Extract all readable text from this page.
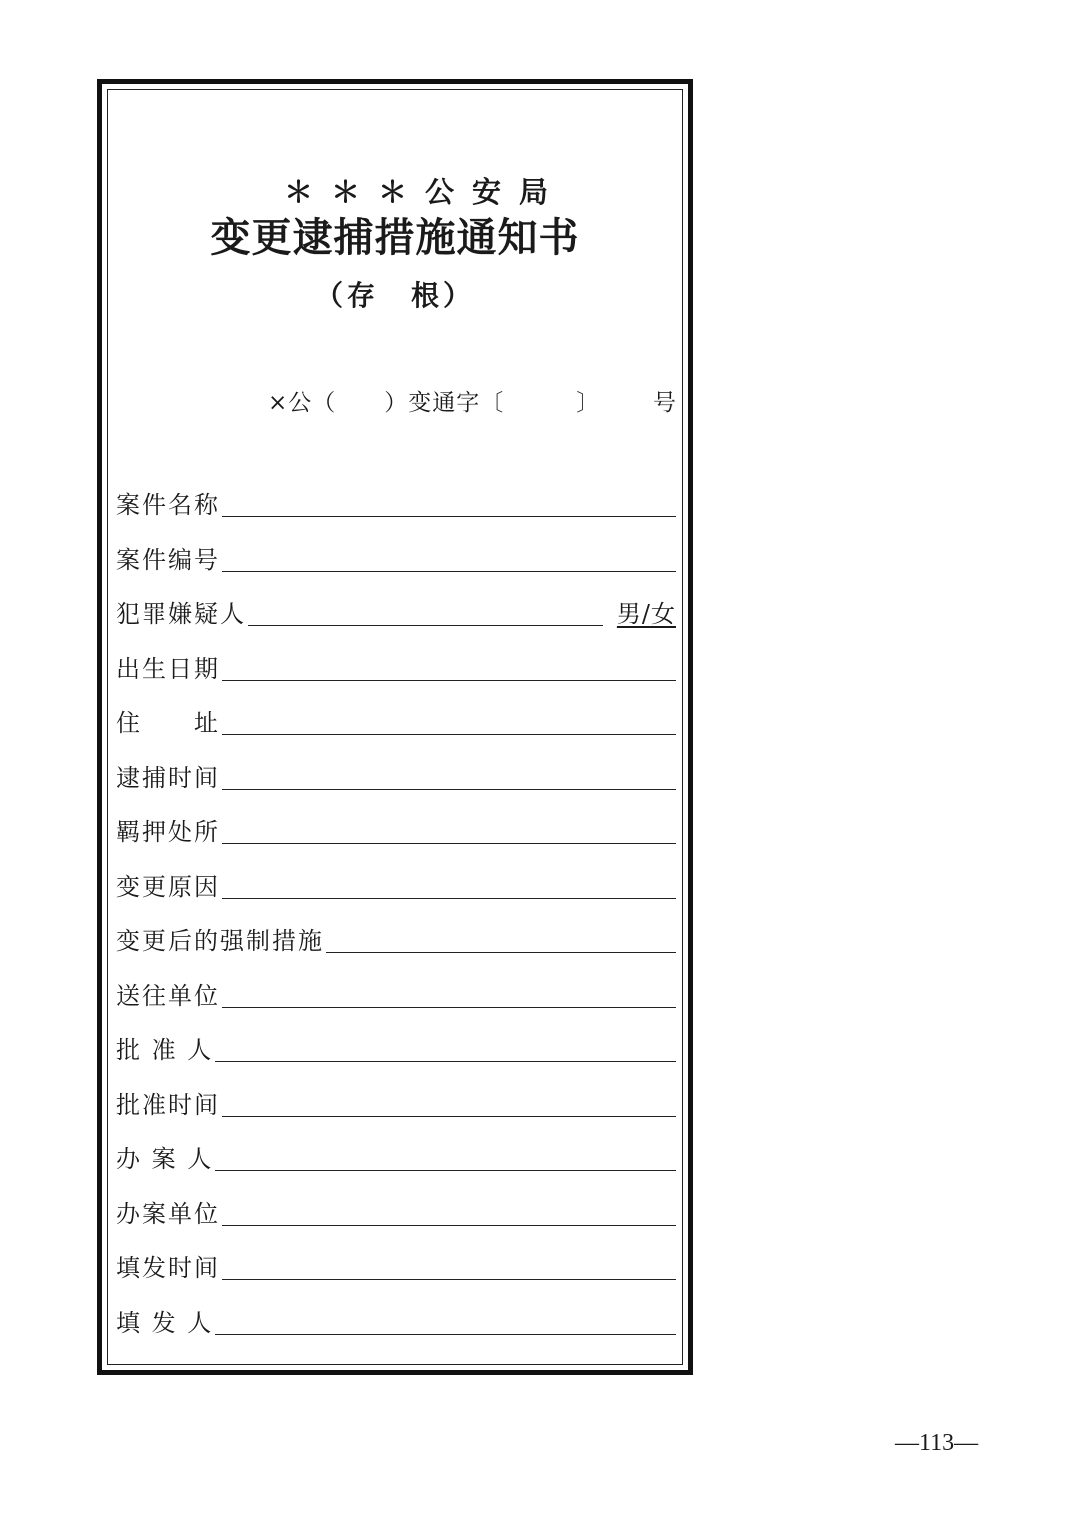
＊＊＊公安局
变更逮捕措施通知书
（存　根）
×公（　　）变通字〔　　　〕 号
案件名称
案件编号
犯罪嫌疑人	男/女
出生日期
住　　址
逮捕时间
羁押处所
变更原因
变更后的强制措施
送往单位
批 准 人
批准时间
办 案 人
办案单位
填发时间
填 发 人
—113—
